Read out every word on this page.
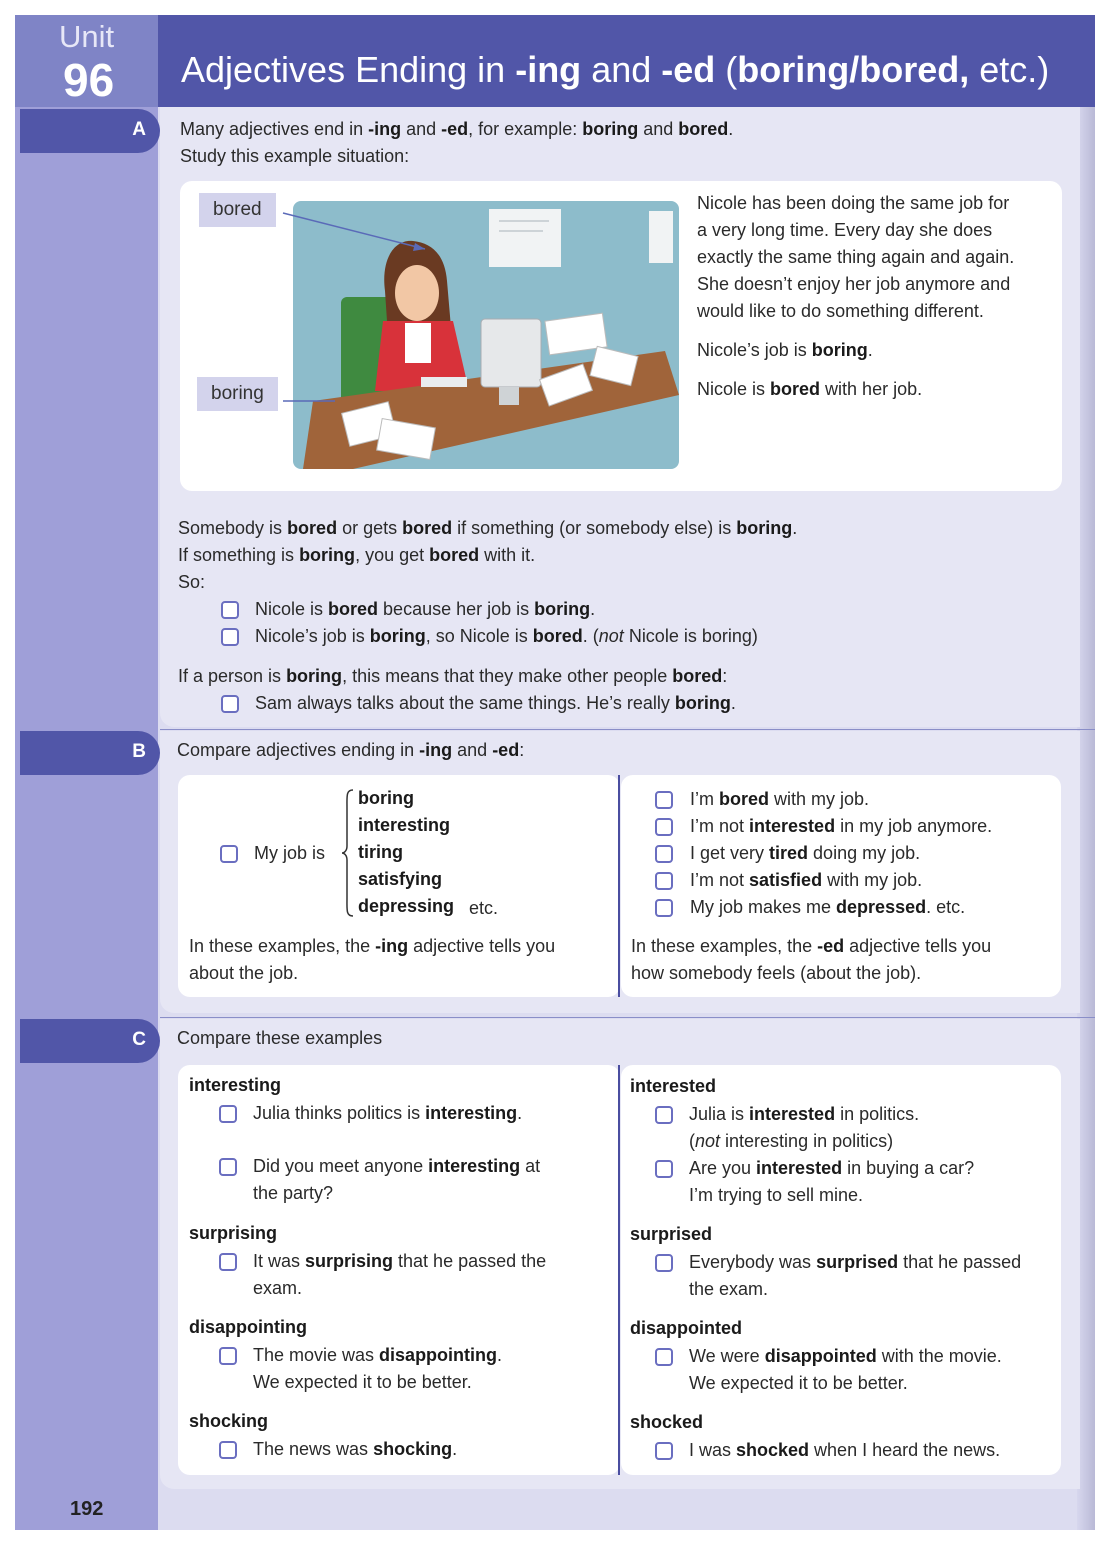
Unit
96 Adjectives Ending in -ing and -ed (boring/bored, etc.)
A Many adjectives end in -ing and -ed, for example: boring and bored.
Study this example situation:
bored
boring
Nicole has been doing the same job for
a very long time. Every day she does
exactly the same thing again and again.
She doesn’t enjoy her job anymore and
would like to do something different.
Nicole’s job is boring.
Nicole is bored with her job.
Somebody is bored or gets bored if something (or somebody else) is boring.
If something is boring, you get bored with it.
So:
Nicole is bored because her job is boring.
Nicole’s job is boring, so Nicole is bored. (not Nicole is boring)
If a person is boring, this means that they make other people bored:
Sam always talks about the same things. He’s really boring.
B Compare adjectives ending in -ing and -ed:
My job is
boring
interesting
tiring
satisfying
depressing etc.
In these examples, the -ing adjective tells you
about the job.
I’m bored with my job.
I’m not interested in my job anymore.
I get very tired doing my job.
I’m not satisfied with my job.
My job makes me depressed. etc.
In these examples, the -ed adjective tells you
how somebody feels (about the job).
C Compare these examples
interesting
Julia thinks politics is interesting.
Did you meet anyone interesting at
the party?
surprising
It was surprising that he passed the
exam.
disappointing
The movie was disappointing.
We expected it to be better.
shocking
The news was shocking.
interested
Julia is interested in politics.
(not interesting in politics)
Are you interested in buying a car?
I’m trying to sell mine.
surprised
Everybody was surprised that he passed
the exam.
disappointed
We were disappointed with the movie.
We expected it to be better.
shocked
I was shocked when I heard the news.
192
